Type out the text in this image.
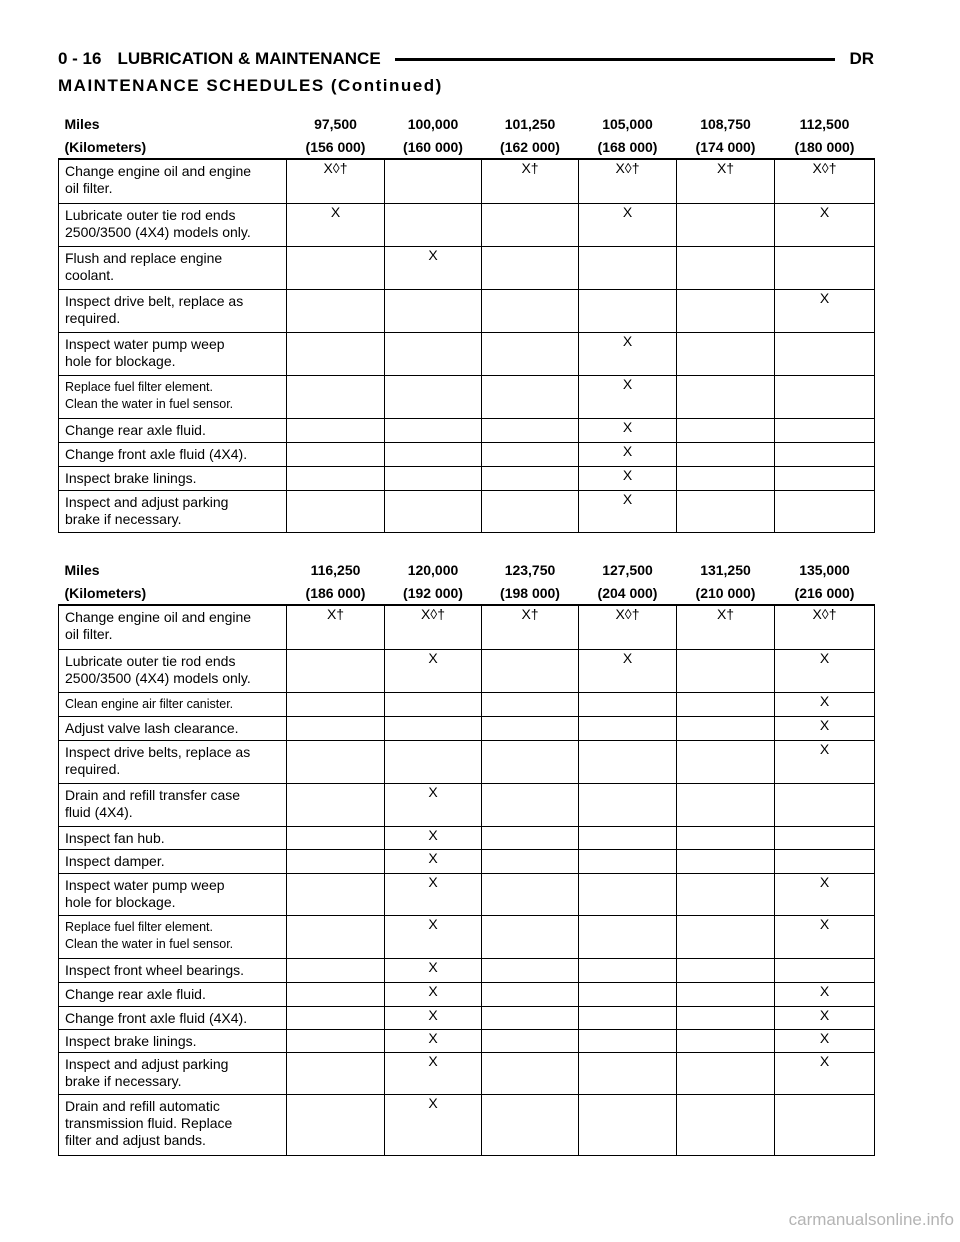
0 - 16 LUBRICATION & MAINTENANCE	DR
MAINTENANCE SCHEDULES (Continued)
Miles	97,500	100,000	101,250	105,000	108,750	112,500
(Kilometers)	(156 000)	(160 000)	(162 000)	(168 000)	(174 000)	(180 000)

Change engine oil and engine
oil filter.	X◊†		X†	X◊†	X†	X◊†

Lubricate outer tie rod ends
2500/3500 (4X4) models only.	X			X		X

Flush and replace engine
coolant.		X				

Inspect drive belt, replace as
required.						X

Inspect water pump weep
hole for blockage.				X		

Replace fuel filter element.
Clean the water in fuel sensor.				X		

Change rear axle fluid.				X		

Change front axle fluid (4X4).				X		

Inspect brake linings.				X		

Inspect and adjust parking
brake if necessary.				X		
Miles	116,250	120,000	123,750	127,500	131,250	135,000
(Kilometers)	(186 000)	(192 000)	(198 000)	(204 000)	(210 000)	(216 000)

Change engine oil and engine
oil filter.	X†	X◊†	X†	X◊†	X†	X◊†

Lubricate outer tie rod ends
2500/3500 (4X4) models only.		X		X		X

Clean engine air filter canister.						X

Adjust valve lash clearance.						X

Inspect drive belts, replace as
required.						X

Drain and refill transfer case
fluid (4X4).		X				

Inspect fan hub.		X				

Inspect damper.		X				

Inspect water pump weep
hole for blockage.		X				X

Replace fuel filter element.
Clean the water in fuel sensor.		X				X

Inspect front wheel bearings.		X				

Change rear axle fluid.		X				X

Change front axle fluid (4X4).		X				X

Inspect brake linings.		X				X

Inspect and adjust parking
brake if necessary.		X				X

Drain and refill automatic
transmission fluid. Replace
filter and adjust bands.		X				
carmanualsonline.info
